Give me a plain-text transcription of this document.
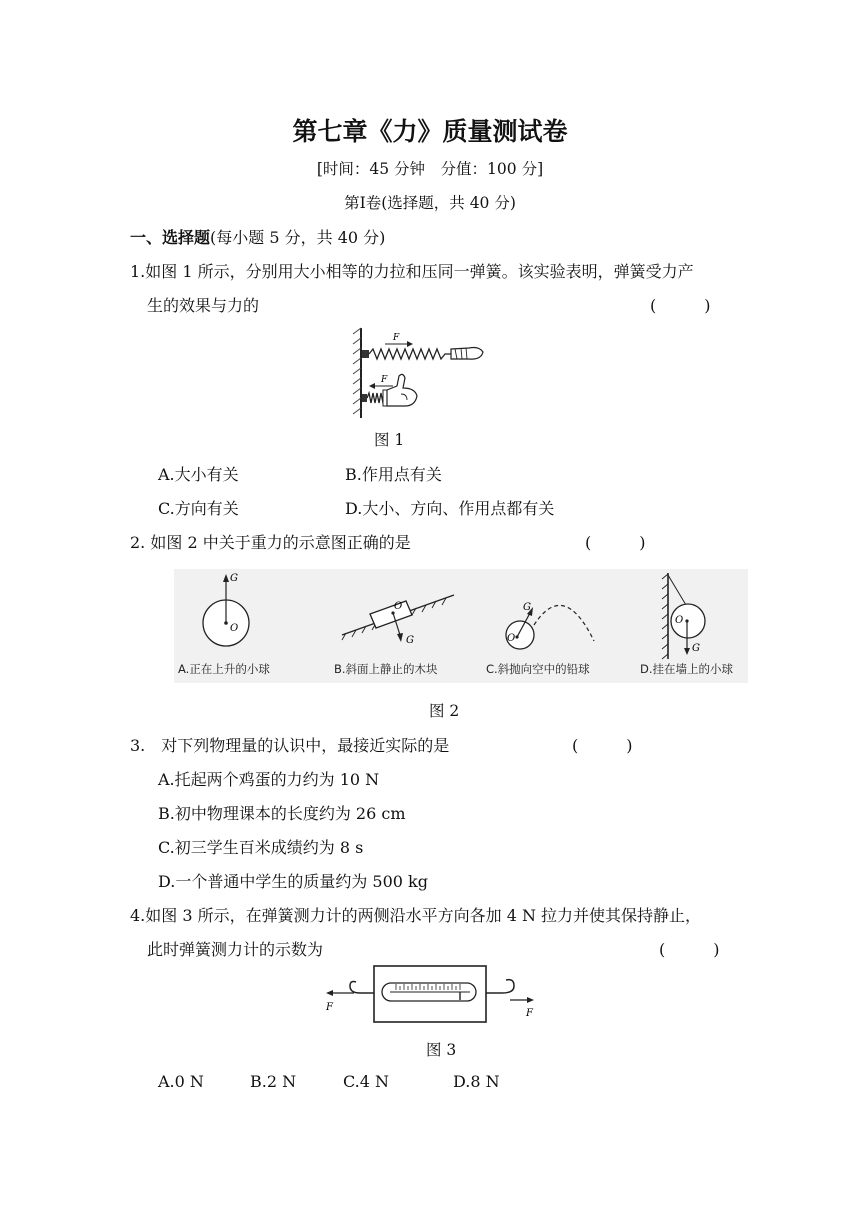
第七章《力》质量测试卷
[时间：45 分钟　分值：100 分]
第Ⅰ卷(选择题，共 40 分)
一、选择题(每小题 5 分，共 40 分)
1.如图 1 所示，分别用大小相等的力拉和压同一弹簧。该实验表明，弹簧受力产
生的效果与力的	(　　　)
F
F
图 1
A.大小有关	B.作用点有关
C.方向有关	D.大小、方向、作用点都有关
2. 如图 2 中关于重力的示意图正确的是	(　　　)
G
O
A.正在上升的小球
O
G
B.斜面上静止的木块
O
G
C.斜抛向空中的铅球
O
G
D.挂在墙上的小球
图 2
3.　对下列物理量的认识中，最接近实际的是	(　　　)
A.托起两个鸡蛋的力约为 10 N
B.初中物理课本的长度约为 26 cm
C.初三学生百米成绩约为 8 s
D.一个普通中学生的质量约为 500 kg
4.如图 3 所示，在弹簧测力计的两侧沿水平方向各加 4 N 拉力并使其保持静止，
此时弹簧测力计的示数为	(　　　)
F
F
图 3
A.0 N	B.2 N	C.4 N	D.8 N
